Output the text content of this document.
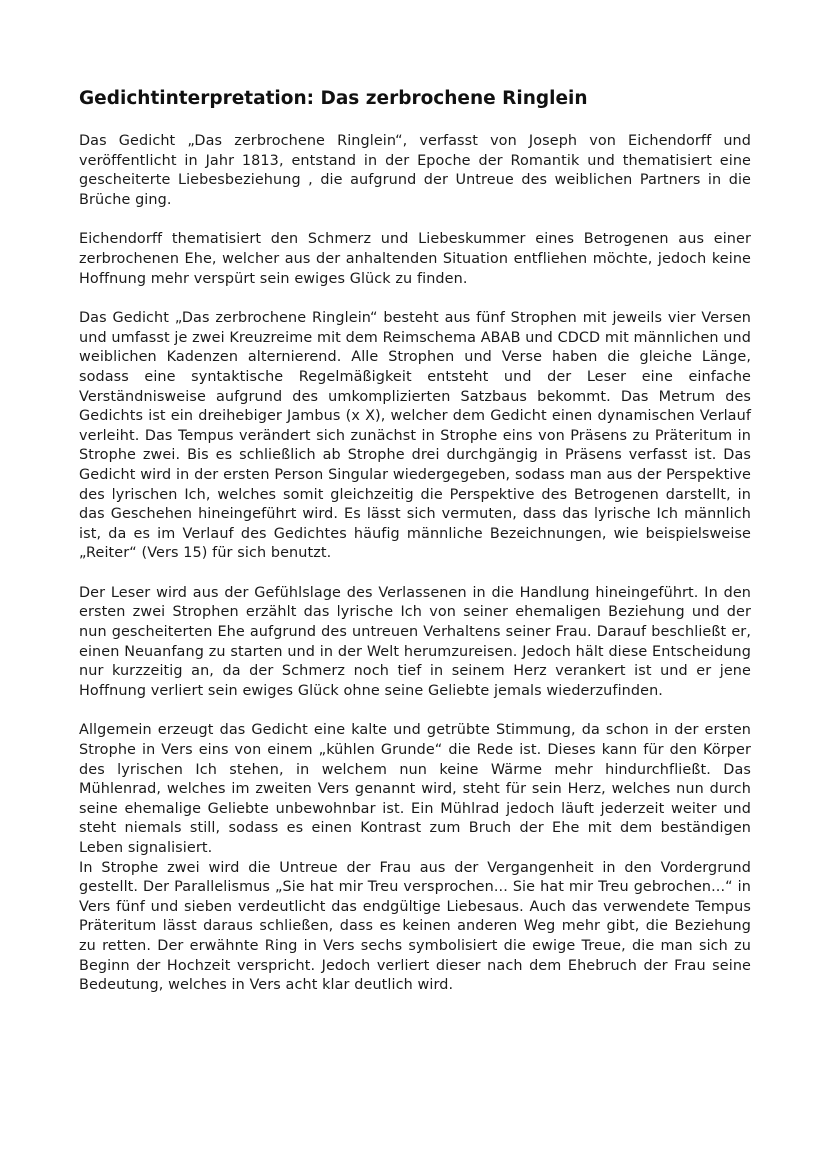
Gedichtinterpretation: Das zerbrochene Ringlein

Das Gedicht „Das zerbrochene Ringlein“, verfasst von Joseph von Eichendorff und veröffentlicht in Jahr 1813, entstand in der Epoche der Romantik und thematisiert eine gescheiterte Liebesbeziehung , die aufgrund der Untreue des weiblichen Partners in die Brüche ging.

Eichendorff thematisiert den Schmerz und Liebeskummer eines Betrogenen aus einer zerbrochenen Ehe, welcher aus der anhaltenden Situation entfliehen möchte, jedoch keine Hoffnung mehr verspürt sein ewiges Glück zu finden.

Das Gedicht „Das zerbrochene Ringlein“ besteht aus fünf Strophen mit jeweils vier Versen und umfasst je zwei Kreuzreime mit dem Reimschema ABAB und CDCD mit männlichen und weiblichen Kadenzen alternierend. Alle Strophen und Verse haben die gleiche Länge, sodass eine syntaktische Regelmäßigkeit entsteht und der Leser eine einfache Verständnisweise aufgrund des umkomplizierten Satzbaus bekommt. Das Metrum des Gedichts ist ein dreihebiger Jambus (x X), welcher dem Gedicht einen dynamischen Verlauf verleiht. Das Tempus verändert sich zunächst in Strophe eins von Präsens zu Präteritum in Strophe zwei. Bis es schließlich ab Strophe drei durchgängig in Präsens verfasst ist. Das Gedicht wird in der ersten Person Singular wiedergegeben, sodass man aus der Perspektive des lyrischen Ich, welches somit gleichzeitig die Perspektive des Betrogenen darstellt, in das Geschehen hineingeführt wird. Es lässt sich vermuten, dass das lyrische Ich männlich ist, da es im Verlauf des Gedichtes häufig männliche Bezeichnungen, wie beispielsweise „Reiter“ (Vers 15) für sich benutzt.

Der Leser wird aus der Gefühlslage des Verlassenen in die Handlung hineingeführt. In den ersten zwei Strophen erzählt das lyrische Ich von seiner ehemaligen Beziehung und der nun gescheiterten Ehe aufgrund des untreuen Verhaltens seiner Frau. Darauf beschließt er, einen Neuanfang zu starten und in der Welt herumzureisen. Jedoch hält diese Entscheidung nur kurzzeitig an, da der Schmerz noch tief in seinem Herz verankert ist und er jene Hoffnung verliert sein ewiges Glück ohne seine Geliebte jemals wiederzufinden.

Allgemein erzeugt das Gedicht eine kalte und getrübte Stimmung, da schon in der ersten Strophe in Vers eins von einem „kühlen Grunde“ die Rede ist. Dieses kann für den Körper des lyrischen Ich stehen, in welchem nun keine Wärme mehr hindurchfließt. Das Mühlenrad, welches im zweiten Vers genannt wird, steht für sein Herz, welches nun durch seine ehemalige Geliebte unbewohnbar ist. Ein Mühlrad jedoch läuft jederzeit weiter und steht niemals still, sodass es einen Kontrast zum Bruch der Ehe mit dem beständigen Leben signalisiert.

In Strophe zwei wird die Untreue der Frau aus der Vergangenheit in den Vordergrund gestellt. Der Parallelismus „Sie hat mir Treu versprochen... Sie hat mir Treu gebrochen...“ in Vers fünf und sieben verdeutlicht das endgültige Liebesaus. Auch das verwendete Tempus Präteritum lässt daraus schließen, dass es keinen anderen Weg mehr gibt, die Beziehung zu retten. Der erwähnte Ring in Vers sechs symbolisiert die ewige Treue, die man sich zu Beginn der Hochzeit verspricht. Jedoch verliert dieser nach dem Ehebruch der Frau seine Bedeutung, welches in Vers acht klar deutlich wird.
